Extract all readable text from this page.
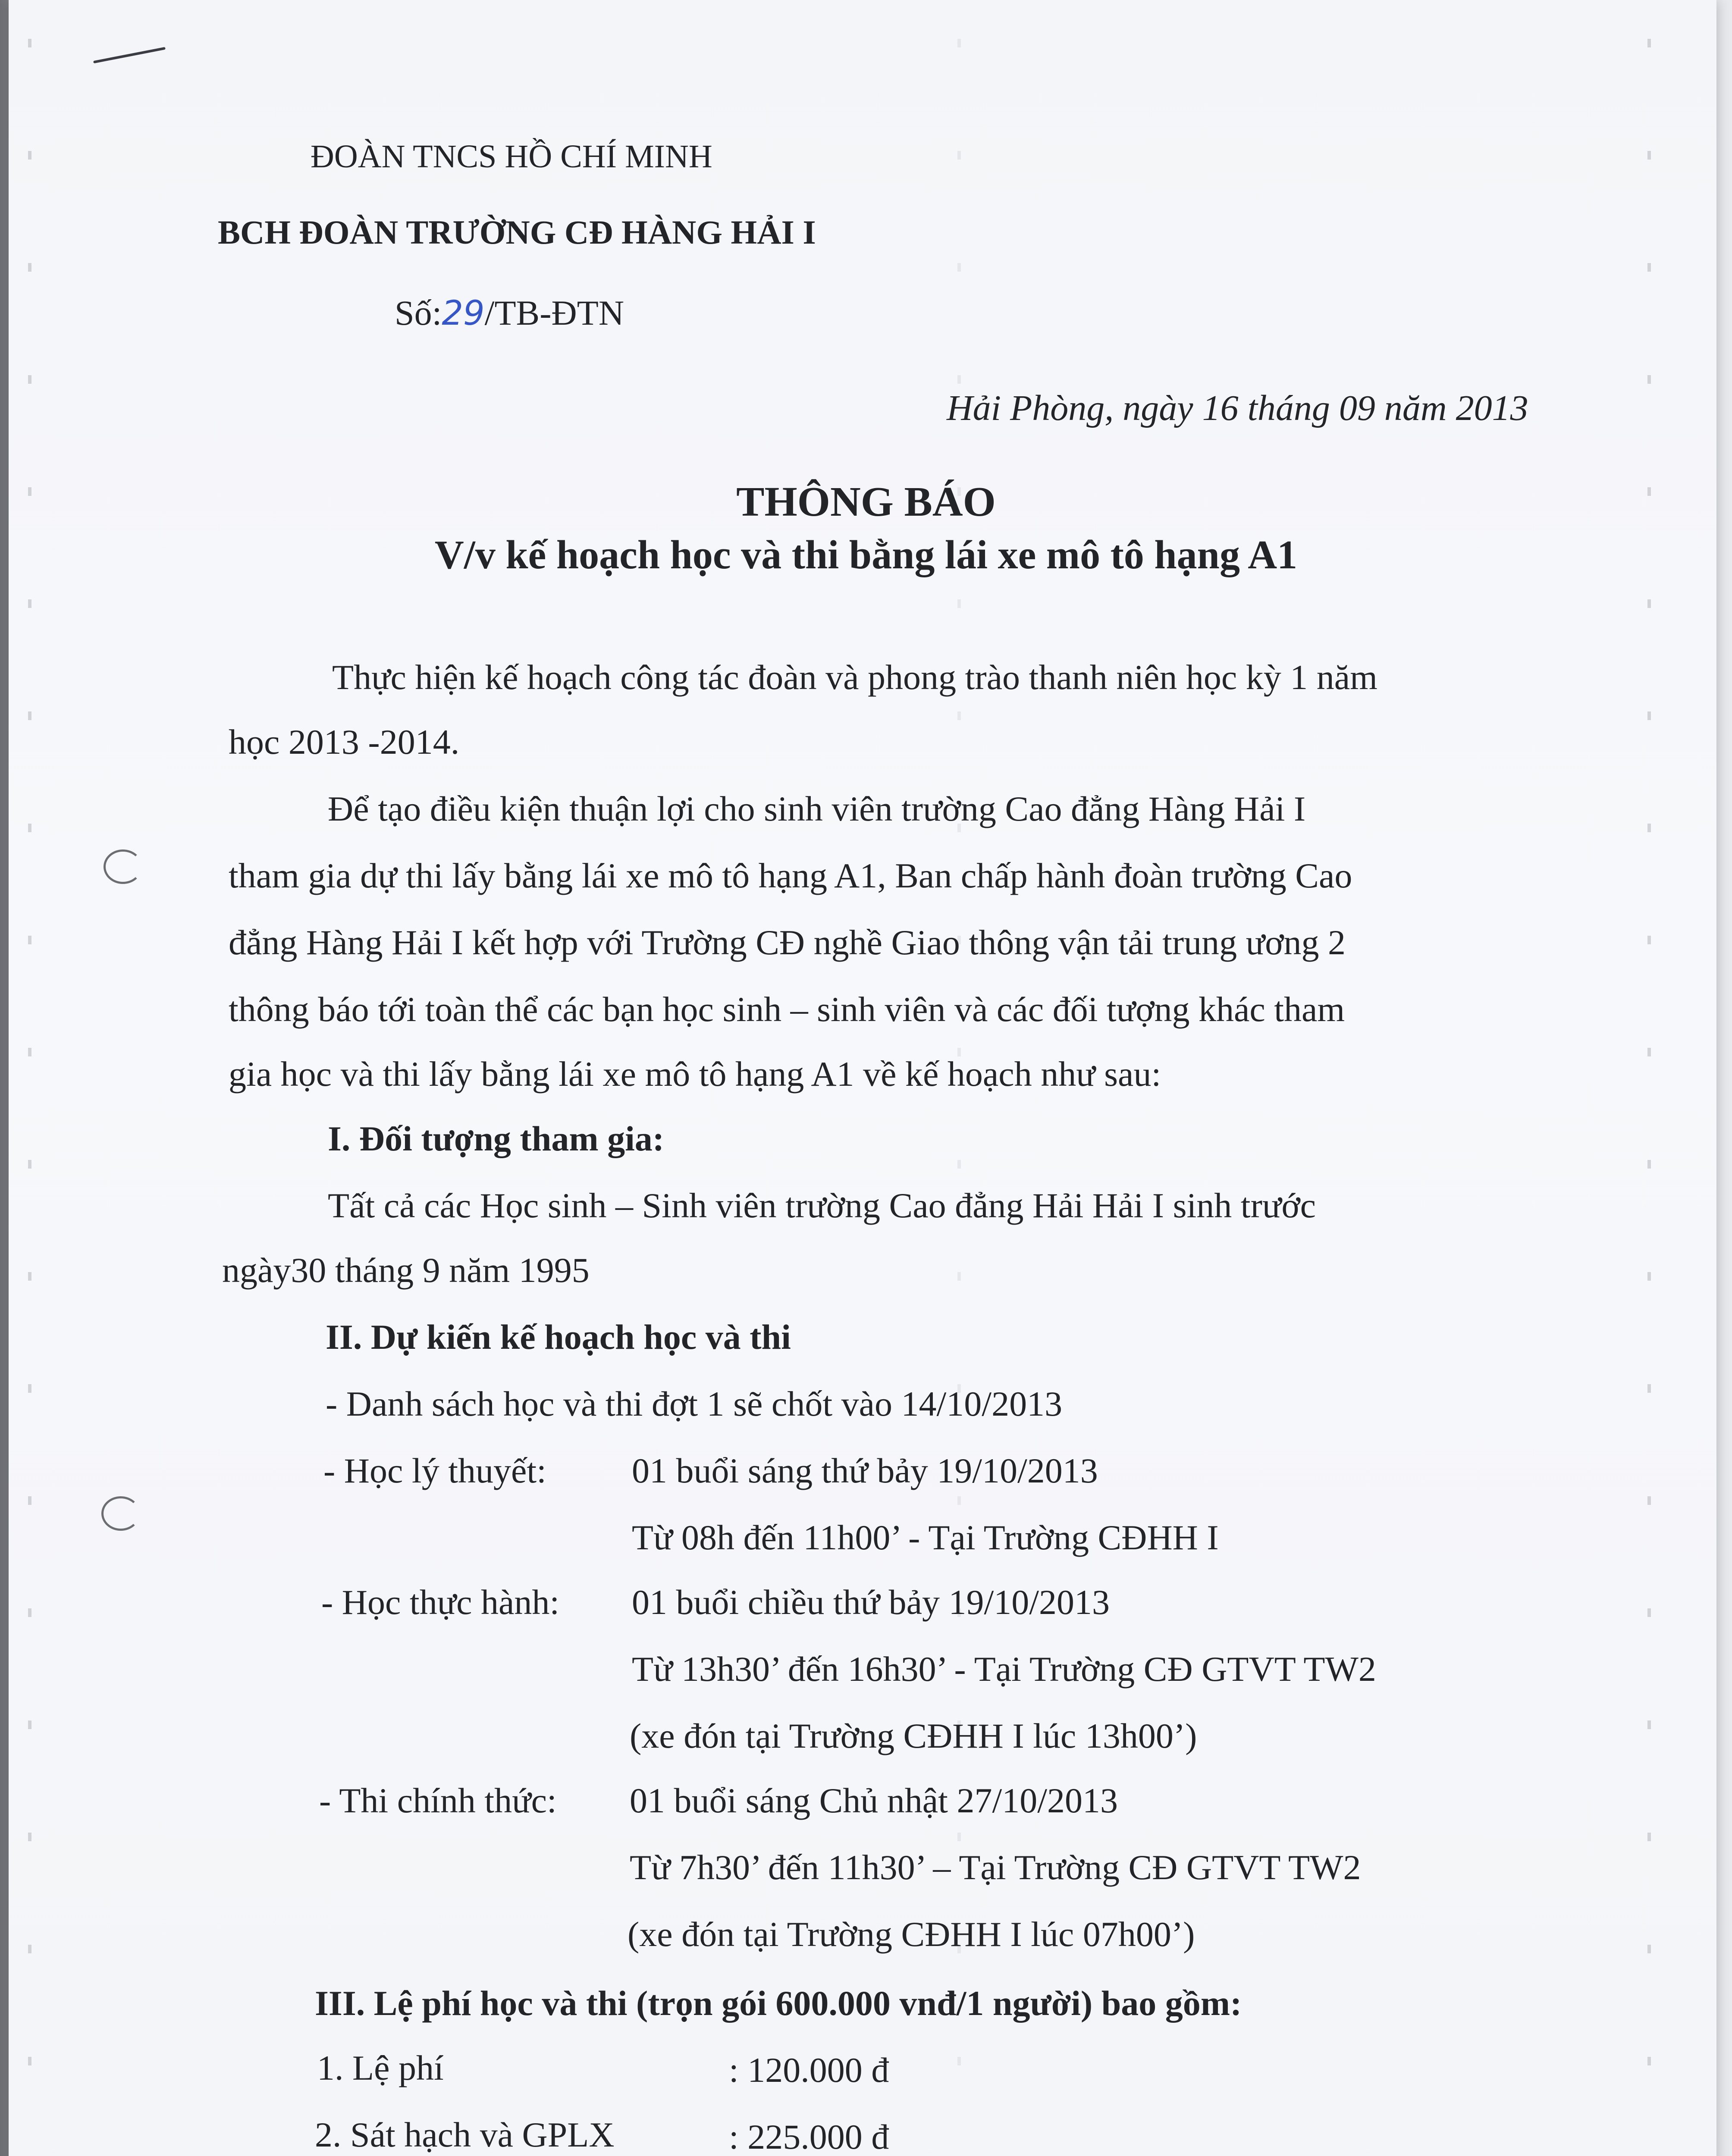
ĐOÀN TNCS HỒ CHÍ MINH
BCH ĐOÀN TRƯỜNG CĐ HÀNG HẢI I
Số:29/TB-ĐTN
Hải Phòng, ngày 16 tháng 09 năm 2013
THÔNG BÁO
V/v kế hoạch học và thi bằng lái xe mô tô hạng A1
Thực hiện kế hoạch công tác đoàn và phong trào thanh niên học kỳ 1 năm
học 2013 -2014.
Để tạo điều kiện thuận lợi cho sinh viên trường Cao đẳng Hàng Hải I
tham gia dự thi lấy bằng lái xe mô tô hạng A1, Ban chấp hành đoàn trường Cao
đẳng Hàng Hải I kết hợp với Trường CĐ nghề Giao thông vận tải trung ương 2
thông báo tới toàn thể các bạn học sinh – sinh viên và các đối tượng khác tham
gia học và thi lấy bằng lái xe mô tô hạng A1 về kế hoạch như sau:
I. Đối tượng tham gia:
Tất cả các Học sinh – Sinh viên trường Cao đẳng Hải Hải I sinh trước
ngày30 tháng 9 năm 1995
II. Dự kiến kế hoạch học và thi
- Danh sách học và thi đợt 1 sẽ chốt vào 14/10/2013
- Học lý thuyết: 01 buổi sáng thứ bảy 19/10/2013
Từ 08h đến 11h00’ - Tại Trường CĐHH I
- Học thực hành: 01 buổi chiều thứ bảy 19/10/2013
Từ 13h30’ đến 16h30’ - Tại Trường CĐ GTVT TW2
(xe đón tại Trường CĐHH I lúc 13h00’)
- Thi chính thức: 01 buổi sáng Chủ nhật 27/10/2013
Từ 7h30’ đến 11h30’ – Tại Trường CĐ GTVT TW2
(xe đón tại Trường CĐHH I lúc 07h00’)
III. Lệ phí học và thi (trọn gói 600.000 vnđ/1 người) bao gồm:
1. Lệ phí	: 120.000 đ
2. Sát hạch và GPLX	: 225.000 đ
